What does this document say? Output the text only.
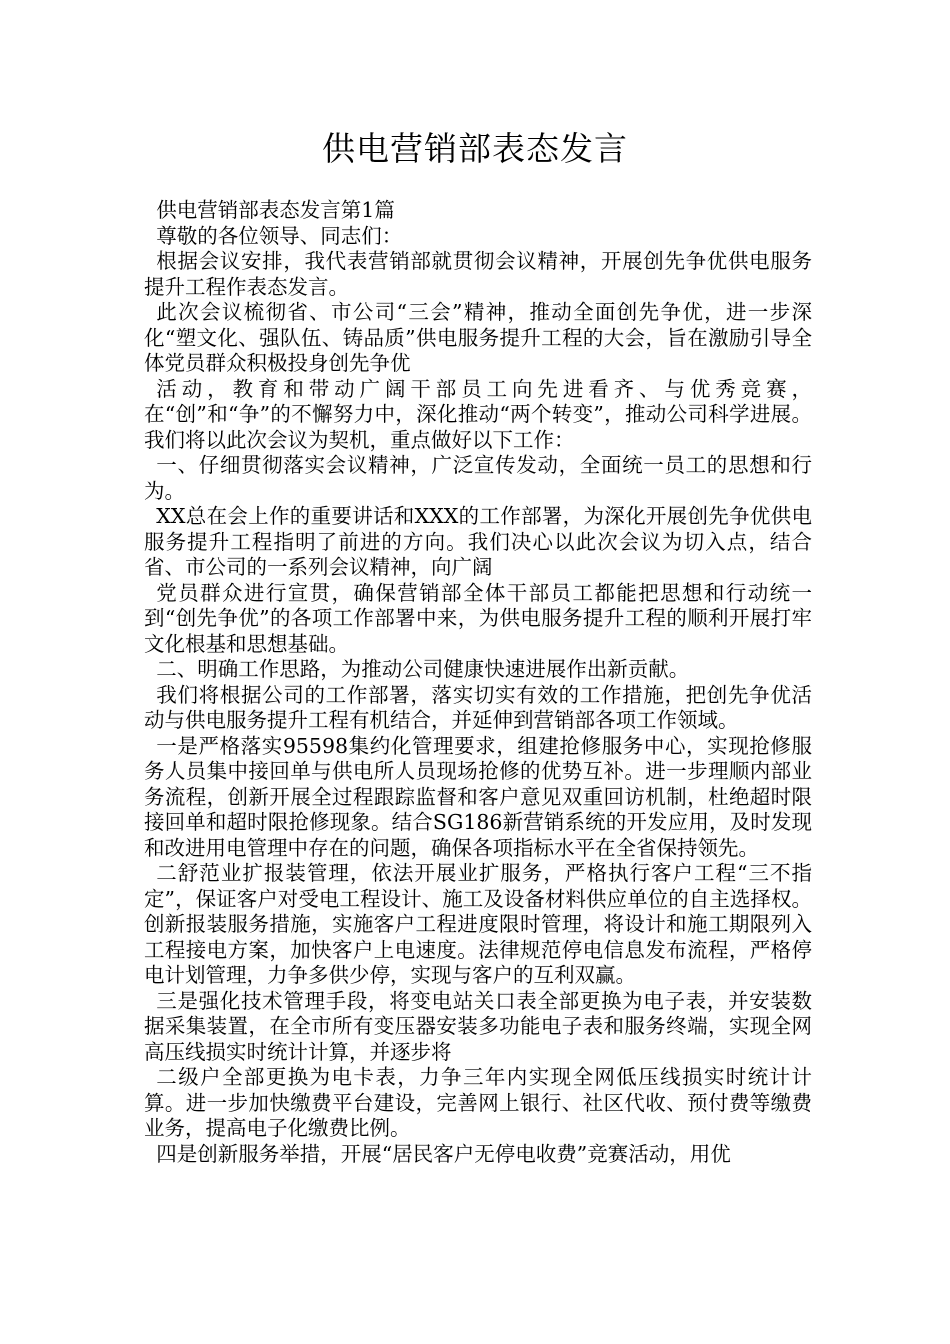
供电营销部表态发言

供电营销部表态发言第1篇

尊敬的各位领导、同志们：

根据会议安排，我代表营销部就贯彻会议精神，开展创先争优供电服务提升工程作表态发言。

此次会议梳彻省、市公司“三会”精神，推动全面创先争优，进一步深化“塑文化、强队伍、铸品质”供电服务提升工程的大会，旨在激励引导全体党员群众积极投身创先争优

活动，教育和带动广阔干部员工向先进看齐、与优秀竞赛，在“创”和“争”的不懈努力中，深化推动“两个转变”，推动公司科学进展。我们将以此次会议为契机，重点做好以下工作：

一、仔细贯彻落实会议精神，广泛宣传发动，全面统一员工的思想和行为。

XX总在会上作的重要讲话和XXX的工作部署，为深化开展创先争优供电服务提升工程指明了前进的方向。我们决心以此次会议为切入点，结合省、市公司的一系列会议精神，向广阔

党员群众进行宣贯，确保营销部全体干部员工都能把思想和行动统一到“创先争优”的各项工作部署中来，为供电服务提升工程的顺利开展打牢文化根基和思想基础。

二、明确工作思路，为推动公司健康快速进展作出新贡献。

我们将根据公司的工作部署，落实切实有效的工作措施，把创先争优活动与供电服务提升工程有机结合，并延伸到营销部各项工作领域。

一是严格落实95598集约化管理要求，组建抢修服务中心，实现抢修服务人员集中接回单与供电所人员现场抢修的优势互补。进一步理顺内部业务流程，创新开展全过程跟踪监督和客户意见双重回访机制，杜绝超时限接回单和超时限抢修现象。结合SG186新营销系统的开发应用，及时发现和改进用电管理中存在的问题，确保各项指标水平在全省保持领先。

二舒范业扩报装管理，依法开展业扩服务，严格执行客户工程“三不指定”，保证客户对受电工程设计、施工及设备材料供应单位的自主选择权。创新报装服务措施，实施客户工程进度限时管理，将设计和施工期限列入工程接电方案，加快客户上电速度。法律规范停电信息发布流程，严格停电计划管理，力争多供少停，实现与客户的互利双赢。

三是强化技术管理手段，将变电站关口表全部更换为电子表，并安装数据采集装置，在全市所有变压器安装多功能电子表和服务终端，实现全网高压线损实时统计计算，并逐步将

二级户全部更换为电卡表，力争三年内实现全网低压线损实时统计计算。进一步加快缴费平台建设，完善网上银行、社区代收、预付费等缴费业务，提高电子化缴费比例。

四是创新服务举措，开展“居民客户无停电收费”竞赛活动，用优
